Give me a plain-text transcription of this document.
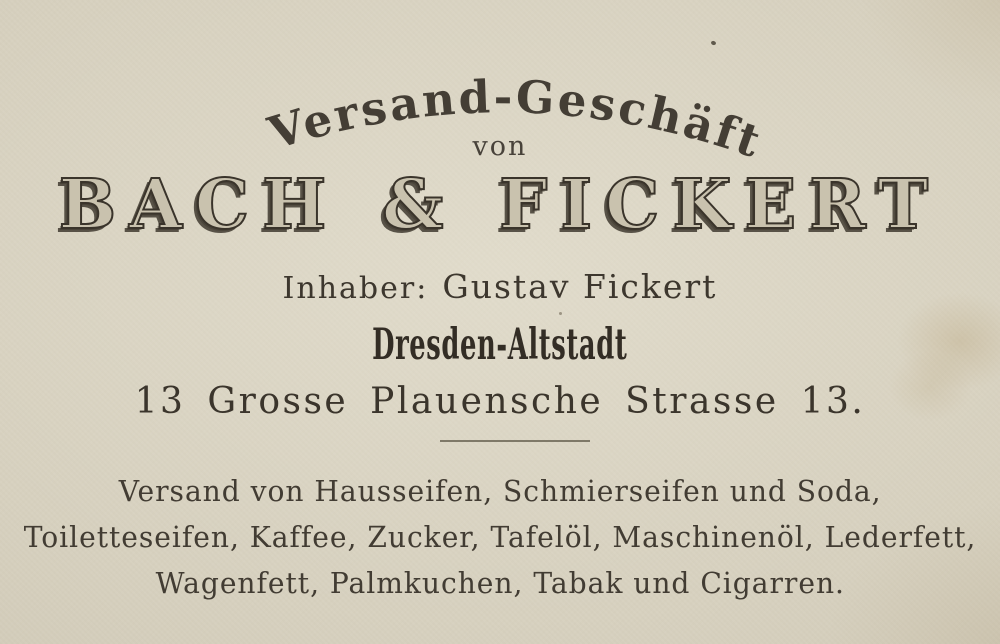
Versand-Geschäft
von
BACH & FICKERT
Inhaber: Gustav Fickert
Dresden-Altstadt
13 Grosse Plauensche Strasse 13.
Versand von Hausseifen, Schmierseifen und Soda,
Toiletteseifen, Kaffee, Zucker, Tafelöl, Maschinenöl, Lederfett,
Wagenfett, Palmkuchen, Tabak und Cigarren.
